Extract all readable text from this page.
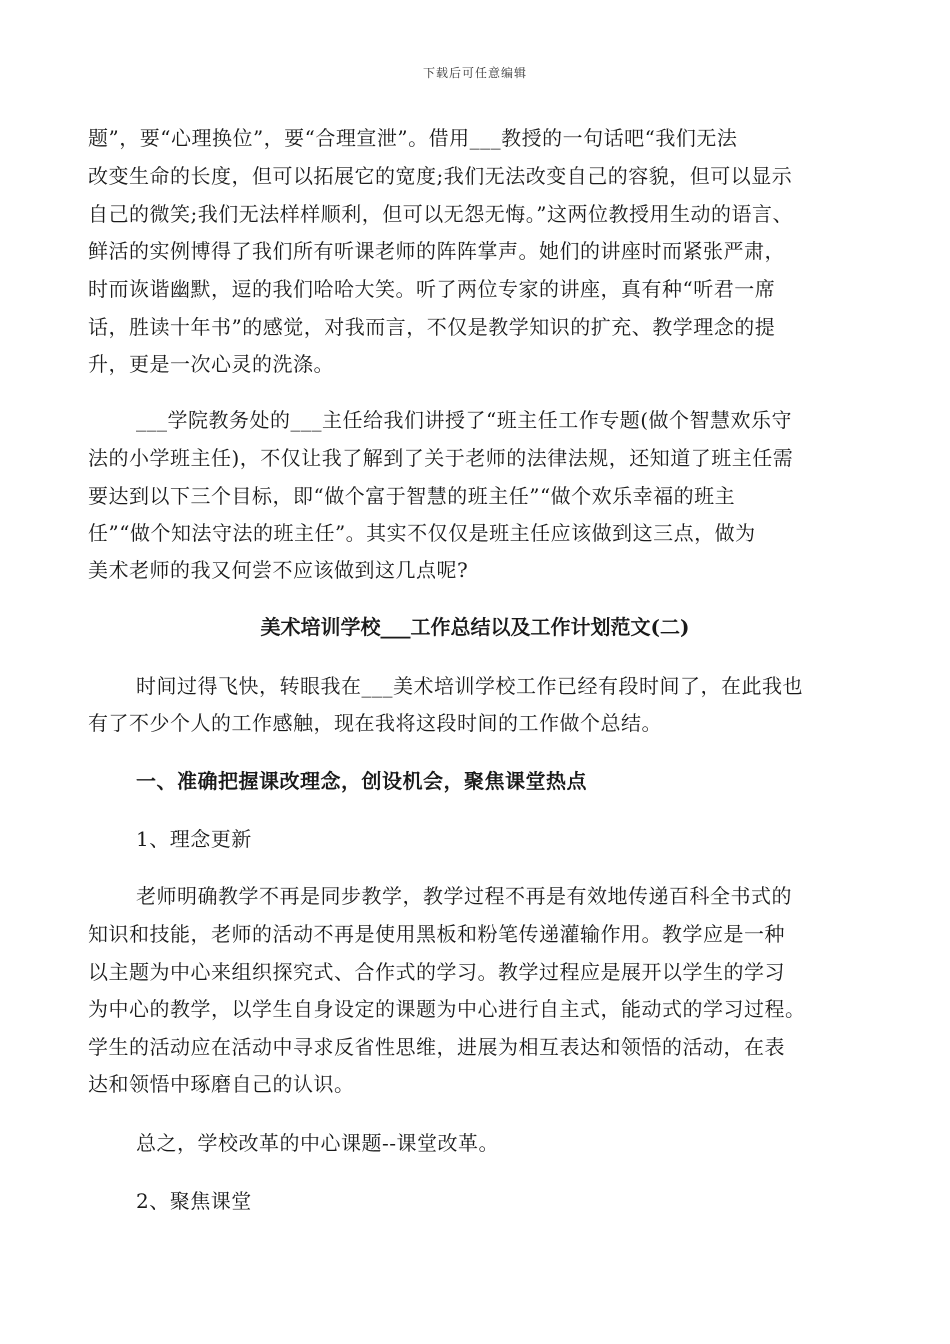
下载后可任意编辑
题”，要“心理换位”，要“合理宣泄”。借用___教授的一句话吧“我们无法
改变生命的长度，但可以拓展它的宽度;我们无法改变自己的容貌，但可以显示
自己的微笑;我们无法样样顺利，但可以无怨无悔。”这两位教授用生动的语言、
鲜活的实例博得了我们所有听课老师的阵阵掌声。她们的讲座时而紧张严肃，
时而诙谐幽默，逗的我们哈哈大笑。听了两位专家的讲座，真有种“听君一席
话，胜读十年书”的感觉，对我而言，不仅是教学知识的扩充、教学理念的提
升，更是一次心灵的洗涤。
___学院教务处的___主任给我们讲授了“班主任工作专题(做个智慧欢乐守
法的小学班主任)，不仅让我了解到了关于老师的法律法规，还知道了班主任需
要达到以下三个目标，即“做个富于智慧的班主任”“做个欢乐幸福的班主
任”“做个知法守法的班主任”。其实不仅仅是班主任应该做到这三点，做为
美术老师的我又何尝不应该做到这几点呢?
美术培训学校___工作总结以及工作计划范文(二)
时间过得飞快，转眼我在___美术培训学校工作已经有段时间了，在此我也
有了不少个人的工作感触，现在我将这段时间的工作做个总结。
一、准确把握课改理念，创设机会，聚焦课堂热点
1、理念更新
老师明确教学不再是同步教学，教学过程不再是有效地传递百科全书式的
知识和技能，老师的活动不再是使用黑板和粉笔传递灌输作用。教学应是一种
以主题为中心来组织探究式、合作式的学习。教学过程应是展开以学生的学习
为中心的教学，以学生自身设定的课题为中心进行自主式，能动式的学习过程。
学生的活动应在活动中寻求反省性思维，进展为相互表达和领悟的活动，在表
达和领悟中琢磨自己的认识。
总之，学校改革的中心课题--课堂改革。
2、聚焦课堂
